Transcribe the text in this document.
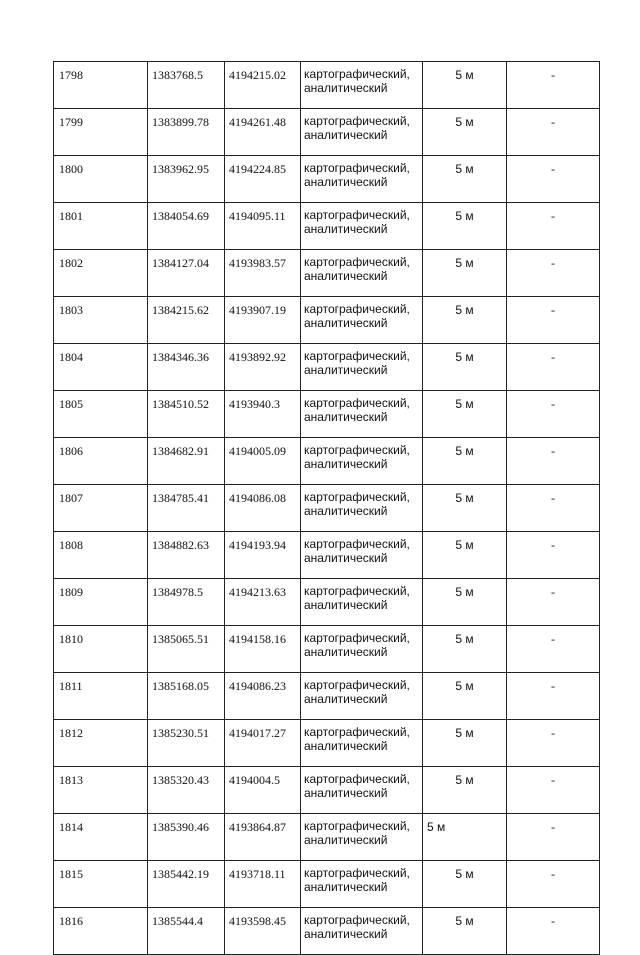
1798	1383768.5	4194215.02	картографический,
аналитический	5 м	-
1799	1383899.78	4194261.48	картографический,
аналитический	5 м	-
1800	1383962.95	4194224.85	картографический,
аналитический	5 м	-
1801	1384054.69	4194095.11	картографический,
аналитический	5 м	-
1802	1384127.04	4193983.57	картографический,
аналитический	5 м	-
1803	1384215.62	4193907.19	картографический,
аналитический	5 м	-
1804	1384346.36	4193892.92	картографический,
аналитический	5 м	-
1805	1384510.52	4193940.3	картографический,
аналитический	5 м	-
1806	1384682.91	4194005.09	картографический,
аналитический	5 м	-
1807	1384785.41	4194086.08	картографический,
аналитический	5 м	-
1808	1384882.63	4194193.94	картографический,
аналитический	5 м	-
1809	1384978.5	4194213.63	картографический,
аналитический	5 м	-
1810	1385065.51	4194158.16	картографический,
аналитический	5 м	-
1811	1385168.05	4194086.23	картографический,
аналитический	5 м	-
1812	1385230.51	4194017.27	картографический,
аналитический	5 м	-
1813	1385320.43	4194004.5	картографический,
аналитический	5 м	-
1814	1385390.46	4193864.87	картографический,
аналитический	5 м	-
1815	1385442.19	4193718.11	картографический,
аналитический	5 м	-
1816	1385544.4	4193598.45	картографический,
аналитический	5 м	-
